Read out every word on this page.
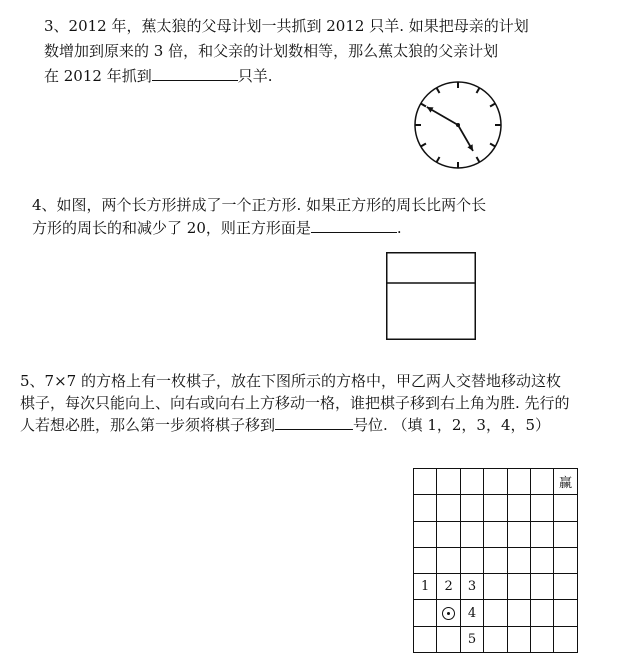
3、2012 年，蕉太狼的父母计划一共抓到 2012 只羊. 如果把母亲的计划
数增加到原来的 3 倍，和父亲的计划数相等，那么蕉太狼的父亲计划
在 2012 年抓到	只羊.
4、如图，两个长方形拼成了一个正方形. 如果正方形的周长比两个长
方形的周长的和减少了 20，则正方形面是	.
5、7×7 的方格上有一枚棋子，放在下图所示的方格中，甲乙两人交替地移动这枚
棋子，每次只能向上、向右或向右上方移动一格，谁把棋子移到右上角为胜. 先行的
人若想必胜，那么第一步须将棋子移到	号位. （填 1，2，3，4，5）
赢
1 2 3
4
5
